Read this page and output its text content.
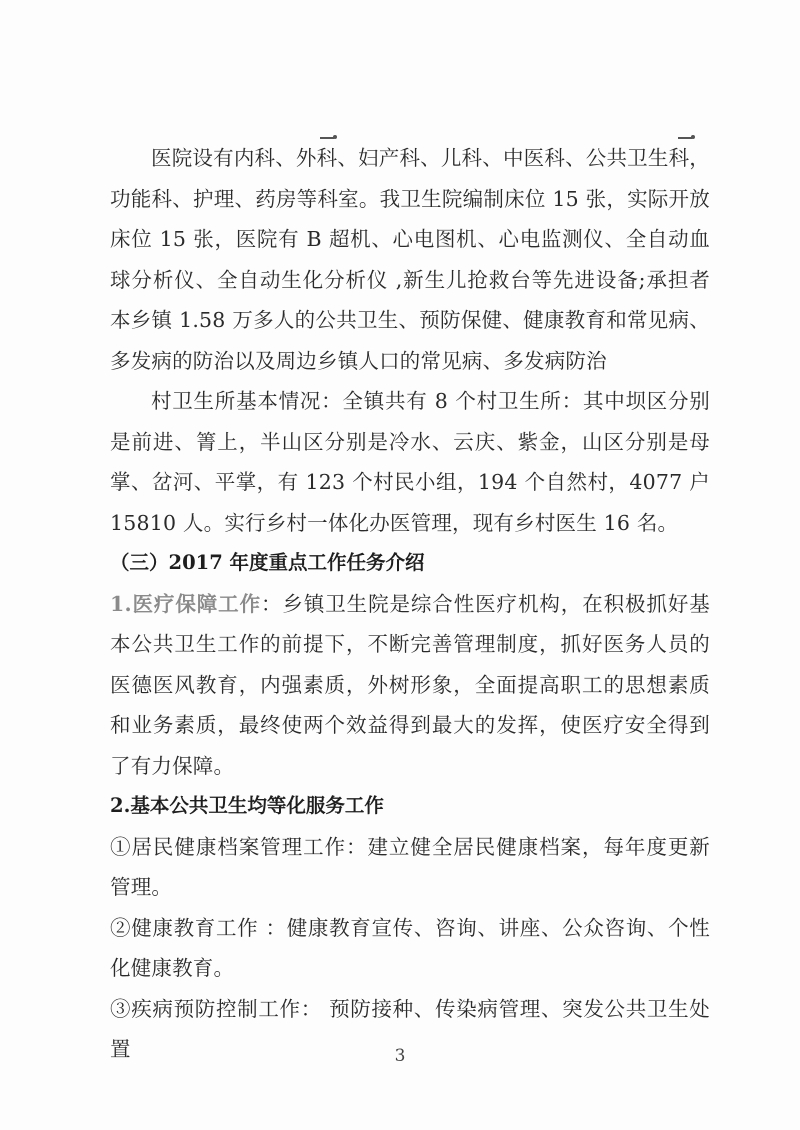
医院设有内科、外科、妇产科、儿科、中医科、公共卫生科，功能科、护理、药房等科室。我卫生院编制床位 15 张，实际开放床位 15 张，医院有 B 超机、心电图机、心电监测仪、全自动血球分析仪、全自动生化分析仪 ,新生儿抢救台等先进设备;承担者本乡镇 1.58 万多人的公共卫生、预防保健、健康教育和常见病、多发病的防治以及周边乡镇人口的常见病、多发病防治

村卫生所基本情况：全镇共有 8 个村卫生所：其中坝区分别是前进、箐上，半山区分别是冷水、云庆、紫金，山区分别是母掌、岔河、平掌，有 123 个村民小组，194 个自然村，4077 户 15810 人。实行乡村一体化办医管理，现有乡村医生 16 名。

（三）2017 年度重点工作任务介绍

1.医疗保障工作：乡镇卫生院是综合性医疗机构，在积极抓好基本公共卫生工作的前提下，不断完善管理制度，抓好医务人员的医德医风教育，内强素质，外树形象，全面提高职工的思想素质和业务素质，最终使两个效益得到最大的发挥，使医疗安全得到了有力保障。

2.基本公共卫生均等化服务工作

①居民健康档案管理工作：建立健全居民健康档案，每年度更新管理。

②健康教育工作 ：健康教育宣传、咨询、讲座、公众咨询、个性化健康教育。

③疾病预防控制工作： 预防接种、传染病管理、突发公共卫生处置	3
